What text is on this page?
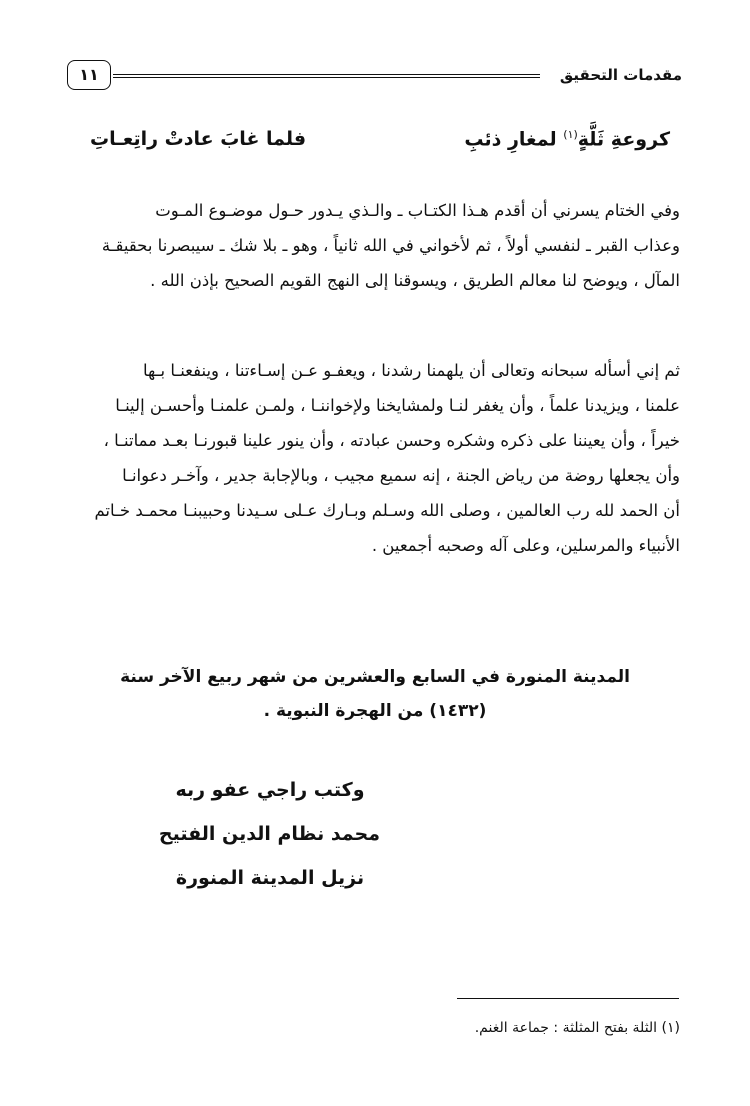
مقدمات التحقيق
١١
كروعةِ ثَلَّةٍ$^{(١)}$ لمغارِ ذئبِ
فلما غابَ عادتْ راتِعـاتِ
وفي الختام يسرني أن أقدم هـذا الكتـاب ـ والـذي يـدور حـول موضـوع المـوت
وعذاب القبر ـ لنفسي أولاً ، ثم لأخواني في الله ثانياً ، وهو ـ بلا شك ـ سيبصرنا بحقيقـة
المآل ، ويوضح لنا معالم الطريق ، ويسوقنا إلى النهج القويم الصحيح بإذن الله .
ثم إني أسأله سبحانه وتعالى أن يلهمنا رشدنا ، ويعفـو عـن إسـاءتنا ، وينفعنـا بـها
علمنا ، ويزيدنا علماً ، وأن يغفر لنـا ولمشايخنا ولإخواننـا ، ولمـن علمنـا وأحسـن إلينـا
خيراً ، وأن يعيننا على ذكره وشكره وحسن عبادته ، وأن ينور علينا قبورنـا بعـد مماتنـا ،
وأن يجعلها روضة من رياض الجنة ، إنه سميع مجيب ، وبالإجابة جدير ، وآخـر دعوانـا
أن الحمد لله رب العالمين ، وصلى الله وسـلم وبـارك عـلى سـيدنا وحبيبنـا محمـد خـاتم
الأنبياء والمرسلين، وعلى آله وصحبه أجمعين .
المدينة المنورة في السابع والعشرين من شهر ربيع الآخر سنة
(١٤٣٢) من الهجرة النبوية .
وكتب راجي عفو ربه
محمد نظام الدين الفتيح
نزيل المدينة المنورة
(١) الثلة بفتح المثلثة : جماعة الغنم.
